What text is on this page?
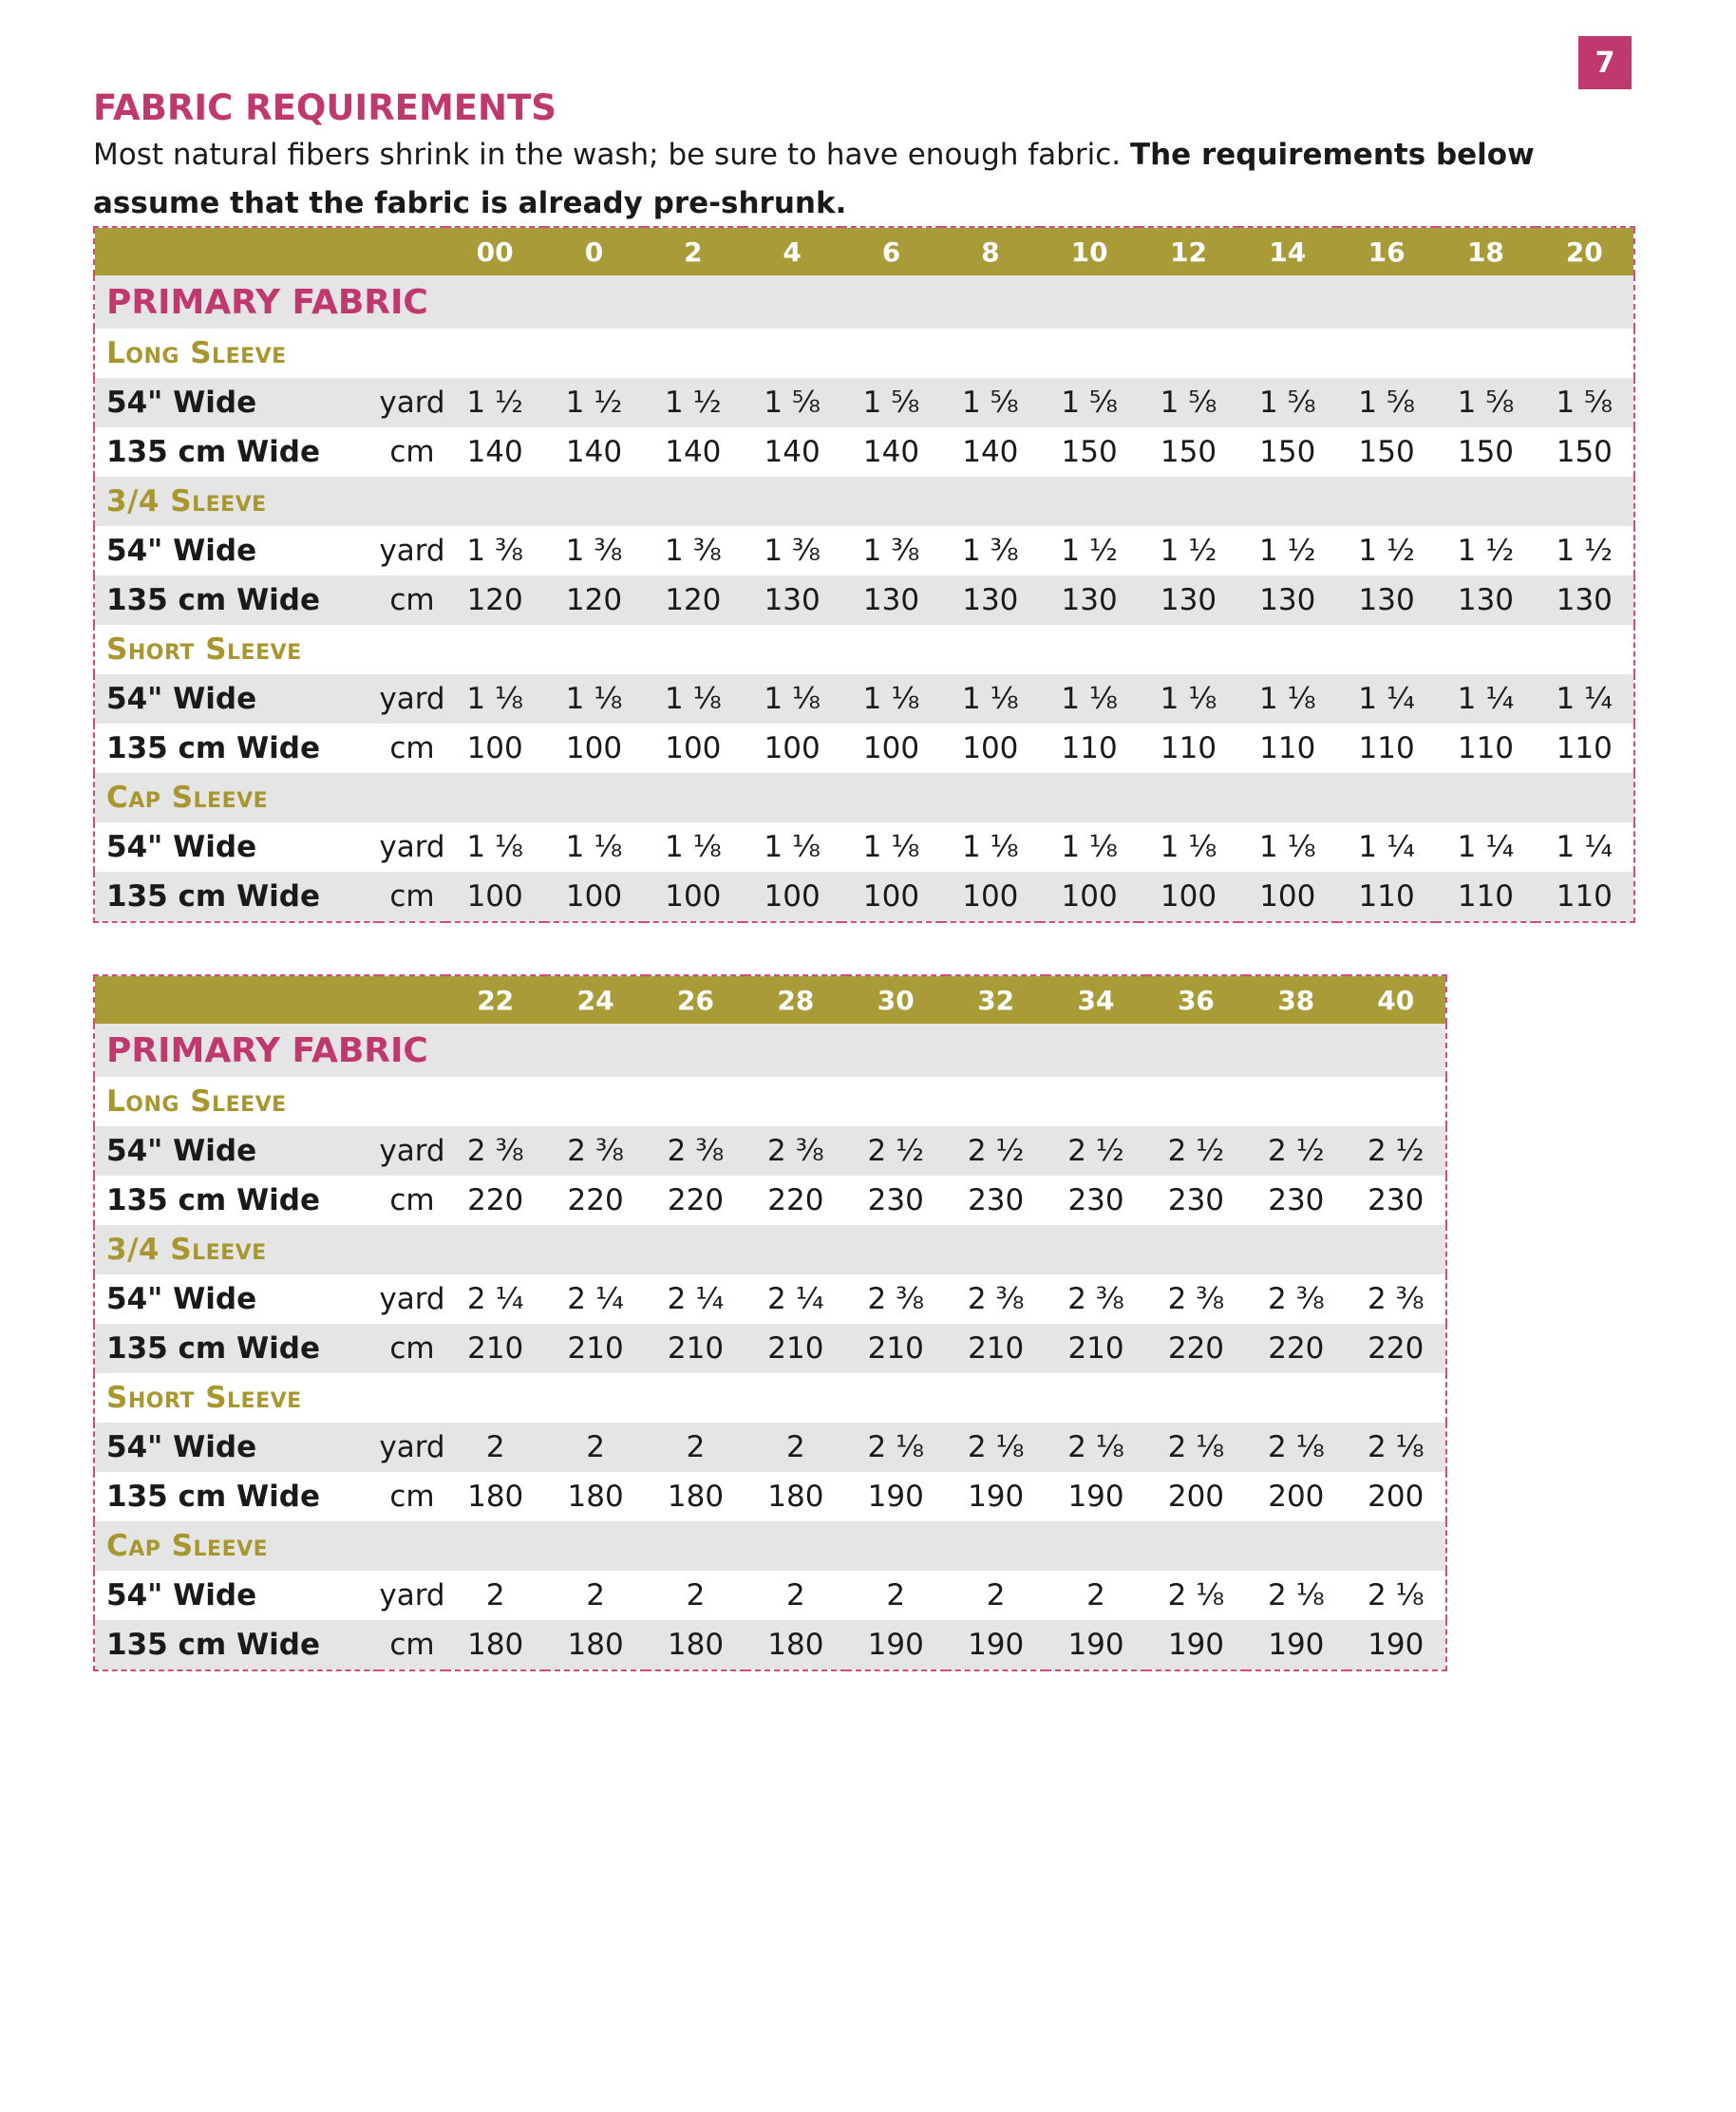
7
FABRIC REQUIREMENTS

Most natural fibers shrink in the wash; be sure to have enough fabric. The requirements below assume that the fabric is already pre-shrunk.

		00	0	2	4	6	8	10	12	14	16	18	20
PRIMARY FABRIC													
Long Sleeve													
54" Wide	yard	1 ½	1 ½	1 ½	1 ⅝	1 ⅝	1 ⅝	1 ⅝	1 ⅝	1 ⅝	1 ⅝	1 ⅝	1 ⅝
135 cm Wide	cm	140	140	140	140	140	140	150	150	150	150	150	150
3/4 Sleeve													
54" Wide	yard	1 ⅜	1 ⅜	1 ⅜	1 ⅜	1 ⅜	1 ⅜	1 ½	1 ½	1 ½	1 ½	1 ½	1 ½
135 cm Wide	cm	120	120	120	130	130	130	130	130	130	130	130	130
Short Sleeve													
54" Wide	yard	1 ⅛	1 ⅛	1 ⅛	1 ⅛	1 ⅛	1 ⅛	1 ⅛	1 ⅛	1 ⅛	1 ¼	1 ¼	1 ¼
135 cm Wide	cm	100	100	100	100	100	100	110	110	110	110	110	110
Cap Sleeve													
54" Wide	yard	1 ⅛	1 ⅛	1 ⅛	1 ⅛	1 ⅛	1 ⅛	1 ⅛	1 ⅛	1 ⅛	1 ¼	1 ¼	1 ¼
135 cm Wide	cm	100	100	100	100	100	100	100	100	100	110	110	110
		22	24	26	28	30	32	34	36	38	40
PRIMARY FABRIC											
Long Sleeve											
54" Wide	yard	2 ⅜	2 ⅜	2 ⅜	2 ⅜	2 ½	2 ½	2 ½	2 ½	2 ½	2 ½
135 cm Wide	cm	220	220	220	220	230	230	230	230	230	230
3/4 Sleeve											
54" Wide	yard	2 ¼	2 ¼	2 ¼	2 ¼	2 ⅜	2 ⅜	2 ⅜	2 ⅜	2 ⅜	2 ⅜
135 cm Wide	cm	210	210	210	210	210	210	210	220	220	220
Short Sleeve											
54" Wide	yard	2	2	2	2	2 ⅛	2 ⅛	2 ⅛	2 ⅛	2 ⅛	2 ⅛
135 cm Wide	cm	180	180	180	180	190	190	190	200	200	200
Cap Sleeve											
54" Wide	yard	2	2	2	2	2	2	2	2 ⅛	2 ⅛	2 ⅛
135 cm Wide	cm	180	180	180	180	190	190	190	190	190	190
